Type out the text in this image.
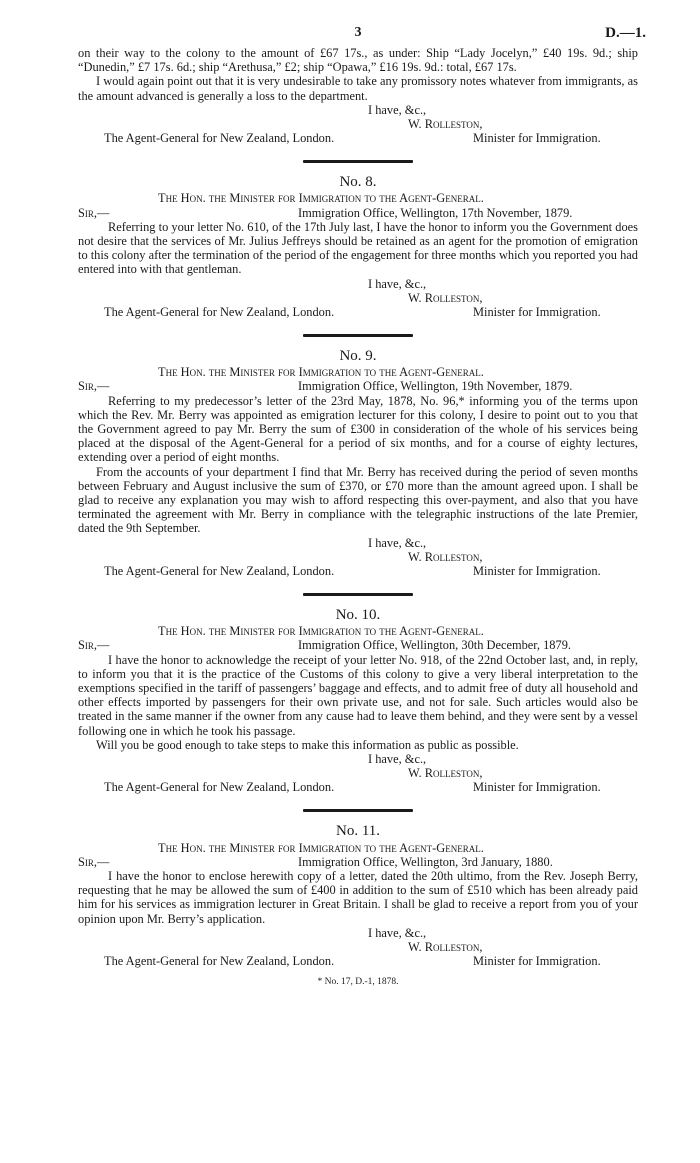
3	D.—1.

on their way to the colony to the amount of £67 17s., as under: Ship “Lady Jocelyn,” £40 19s. 9d.; ship “Dunedin,” £7 17s. 6d.; ship “Arethusa,” £2; ship “Opawa,” £16 19s. 9d.: total, £67 17s.

I would again point out that it is very undesirable to take any promissory notes whatever from immigrants, as the amount advanced is generally a loss to the department.

I have, &c.,
W. Rolleston,
The Agent-General for New Zealand, London.	Minister for Immigration.
No. 8.
The Hon. the Minister for Immigration to the Agent-General.
Sir,—	Immigration Office, Wellington, 17th November, 1879.

Referring to your letter No. 610, of the 17th July last, I have the honor to inform you the Government does not desire that the services of Mr. Julius Jeffreys should be retained as an agent for the promotion of emigration to this colony after the termination of the period of the engagement for three months which you reported you had entered into with that gentleman.

I have, &c.,
W. Rolleston,
The Agent-General for New Zealand, London.	Minister for Immigration.
No. 9.
The Hon. the Minister for Immigration to the Agent-General.
Sir,—	Immigration Office, Wellington, 19th November, 1879.

Referring to my predecessor’s letter of the 23rd May, 1878, No. 96,* informing you of the terms upon which the Rev. Mr. Berry was appointed as emigration lecturer for this colony, I desire to point out to you that the Government agreed to pay Mr. Berry the sum of £300 in consideration of the whole of his services being placed at the disposal of the Agent-General for a period of six months, and for a course of eighty lectures, extending over a period of eight months.

From the accounts of your department I find that Mr. Berry has received during the period of seven months between February and August inclusive the sum of £370, or £70 more than the amount agreed upon. I shall be glad to receive any explanation you may wish to afford respecting this over-payment, and also that you have terminated the agreement with Mr. Berry in compliance with the telegraphic instructions of the late Premier, dated the 9th September.

I have, &c.,
W. Rolleston,
The Agent-General for New Zealand, London.	Minister for Immigration.
No. 10.
The Hon. the Minister for Immigration to the Agent-General.
Sir,—	Immigration Office, Wellington, 30th December, 1879.

I have the honor to acknowledge the receipt of your letter No. 918, of the 22nd October last, and, in reply, to inform you that it is the practice of the Customs of this colony to give a very liberal interpretation to the exemptions specified in the tariff of passengers’ baggage and effects, and to admit free of duty all household and other effects imported by passengers for their own private use, and not for sale. Such articles would also be treated in the same manner if the owner from any cause had to leave them behind, and they were sent by a vessel following one in which he took his passage.

Will you be good enough to take steps to make this information as public as possible.

I have, &c.,
W. Rolleston,
The Agent-General for New Zealand, London.	Minister for Immigration.
No. 11.
The Hon. the Minister for Immigration to the Agent-General.
Sir,—	Immigration Office, Wellington, 3rd January, 1880.

I have the honor to enclose herewith copy of a letter, dated the 20th ultimo, from the Rev. Joseph Berry, requesting that he may be allowed the sum of £400 in addition to the sum of £510 which has been already paid him for his services as immigration lecturer in Great Britain. I shall be glad to receive a report from you of your opinion upon Mr. Berry’s application.

I have, &c.,
W. Rolleston,
The Agent-General for New Zealand, London.	Minister for Immigration.
* No. 17, D.-1, 1878.
